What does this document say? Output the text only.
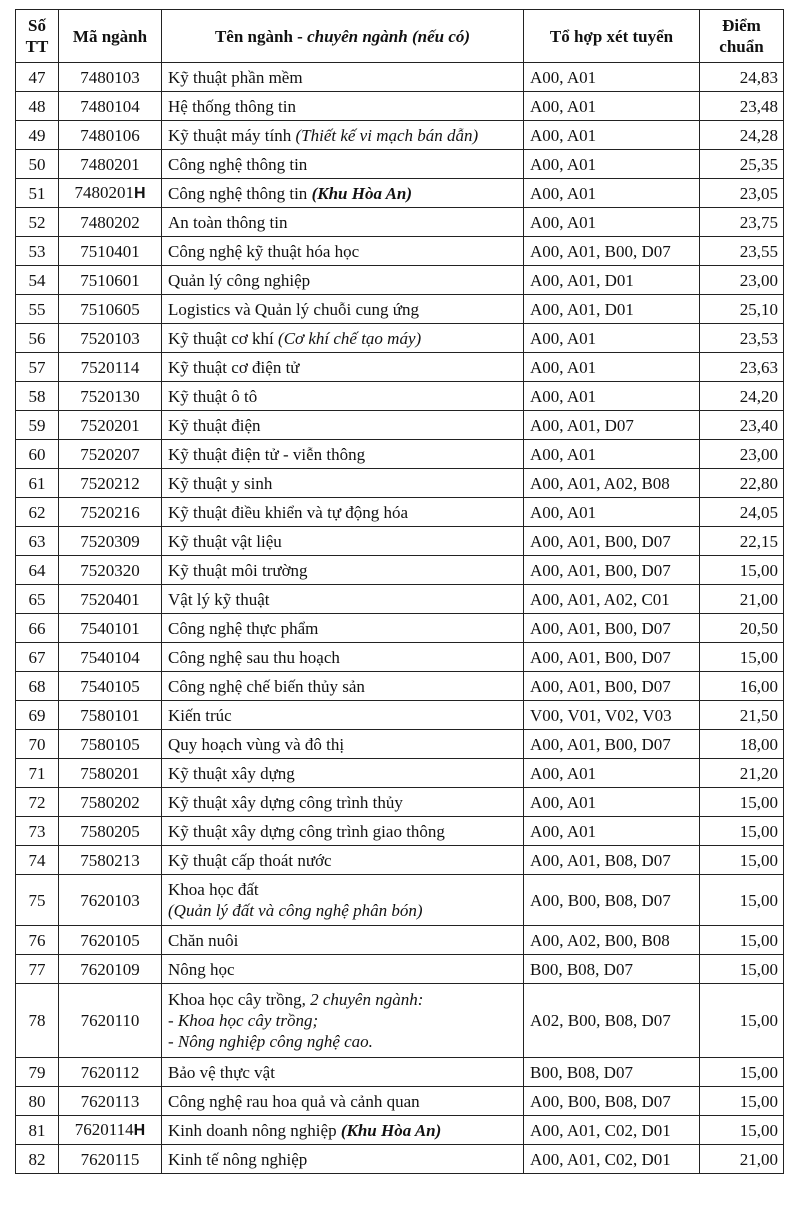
Số TT	Mã ngành	Tên ngành - chuyên ngành (nếu có)	Tổ hợp xét tuyển	Điểm chuẩn
47	7480103	Kỹ thuật phần mềm	A00, A01	24,83
48	7480104	Hệ thống thông tin	A00, A01	23,48
49	7480106	Kỹ thuật máy tính (Thiết kế vi mạch bán dẫn)	A00, A01	24,28
50	7480201	Công nghệ thông tin	A00, A01	25,35
51	7480201H	Công nghệ thông tin (Khu Hòa An)	A00, A01	23,05
52	7480202	An toàn thông tin	A00, A01	23,75
53	7510401	Công nghệ kỹ thuật hóa học	A00, A01, B00, D07	23,55
54	7510601	Quản lý công nghiệp	A00, A01, D01	23,00
55	7510605	Logistics và Quản lý chuỗi cung ứng	A00, A01, D01	25,10
56	7520103	Kỹ thuật cơ khí (Cơ khí chế tạo máy)	A00, A01	23,53
57	7520114	Kỹ thuật cơ điện tử	A00, A01	23,63
58	7520130	Kỹ thuật ô tô	A00, A01	24,20
59	7520201	Kỹ thuật điện	A00, A01, D07	23,40
60	7520207	Kỹ thuật điện tử - viễn thông	A00, A01	23,00
61	7520212	Kỹ thuật y sinh	A00, A01, A02, B08	22,80
62	7520216	Kỹ thuật điều khiển và tự động hóa	A00, A01	24,05
63	7520309	Kỹ thuật vật liệu	A00, A01, B00, D07	22,15
64	7520320	Kỹ thuật môi trường	A00, A01, B00, D07	15,00
65	7520401	Vật lý kỹ thuật	A00, A01, A02, C01	21,00
66	7540101	Công nghệ thực phẩm	A00, A01, B00, D07	20,50
67	7540104	Công nghệ sau thu hoạch	A00, A01, B00, D07	15,00
68	7540105	Công nghệ chế biến thủy sản	A00, A01, B00, D07	16,00
69	7580101	Kiến trúc	V00, V01, V02, V03	21,50
70	7580105	Quy hoạch vùng và đô thị	A00, A01, B00, D07	18,00
71	7580201	Kỹ thuật xây dựng	A00, A01	21,20
72	7580202	Kỹ thuật xây dựng công trình thủy	A00, A01	15,00
73	7580205	Kỹ thuật xây dựng công trình giao thông	A00, A01	15,00
74	7580213	Kỹ thuật cấp thoát nước	A00, A01, B08, D07	15,00
75	7620103	Khoa học đất
(Quản lý đất và công nghệ phân bón)	A00, B00, B08, D07	15,00
76	7620105	Chăn nuôi	A00, A02, B00, B08	15,00
77	7620109	Nông học	B00, B08, D07	15,00
78	7620110	Khoa học cây trồng, 2 chuyên ngành:
- Khoa học cây trồng;
- Nông nghiệp công nghệ cao.	A02, B00, B08, D07	15,00
79	7620112	Bảo vệ thực vật	B00, B08, D07	15,00
80	7620113	Công nghệ rau hoa quả và cảnh quan	A00, B00, B08, D07	15,00
81	7620114H	Kinh doanh nông nghiệp (Khu Hòa An)	A00, A01, C02, D01	15,00
82	7620115	Kinh tế nông nghiệp	A00, A01, C02, D01	21,00
